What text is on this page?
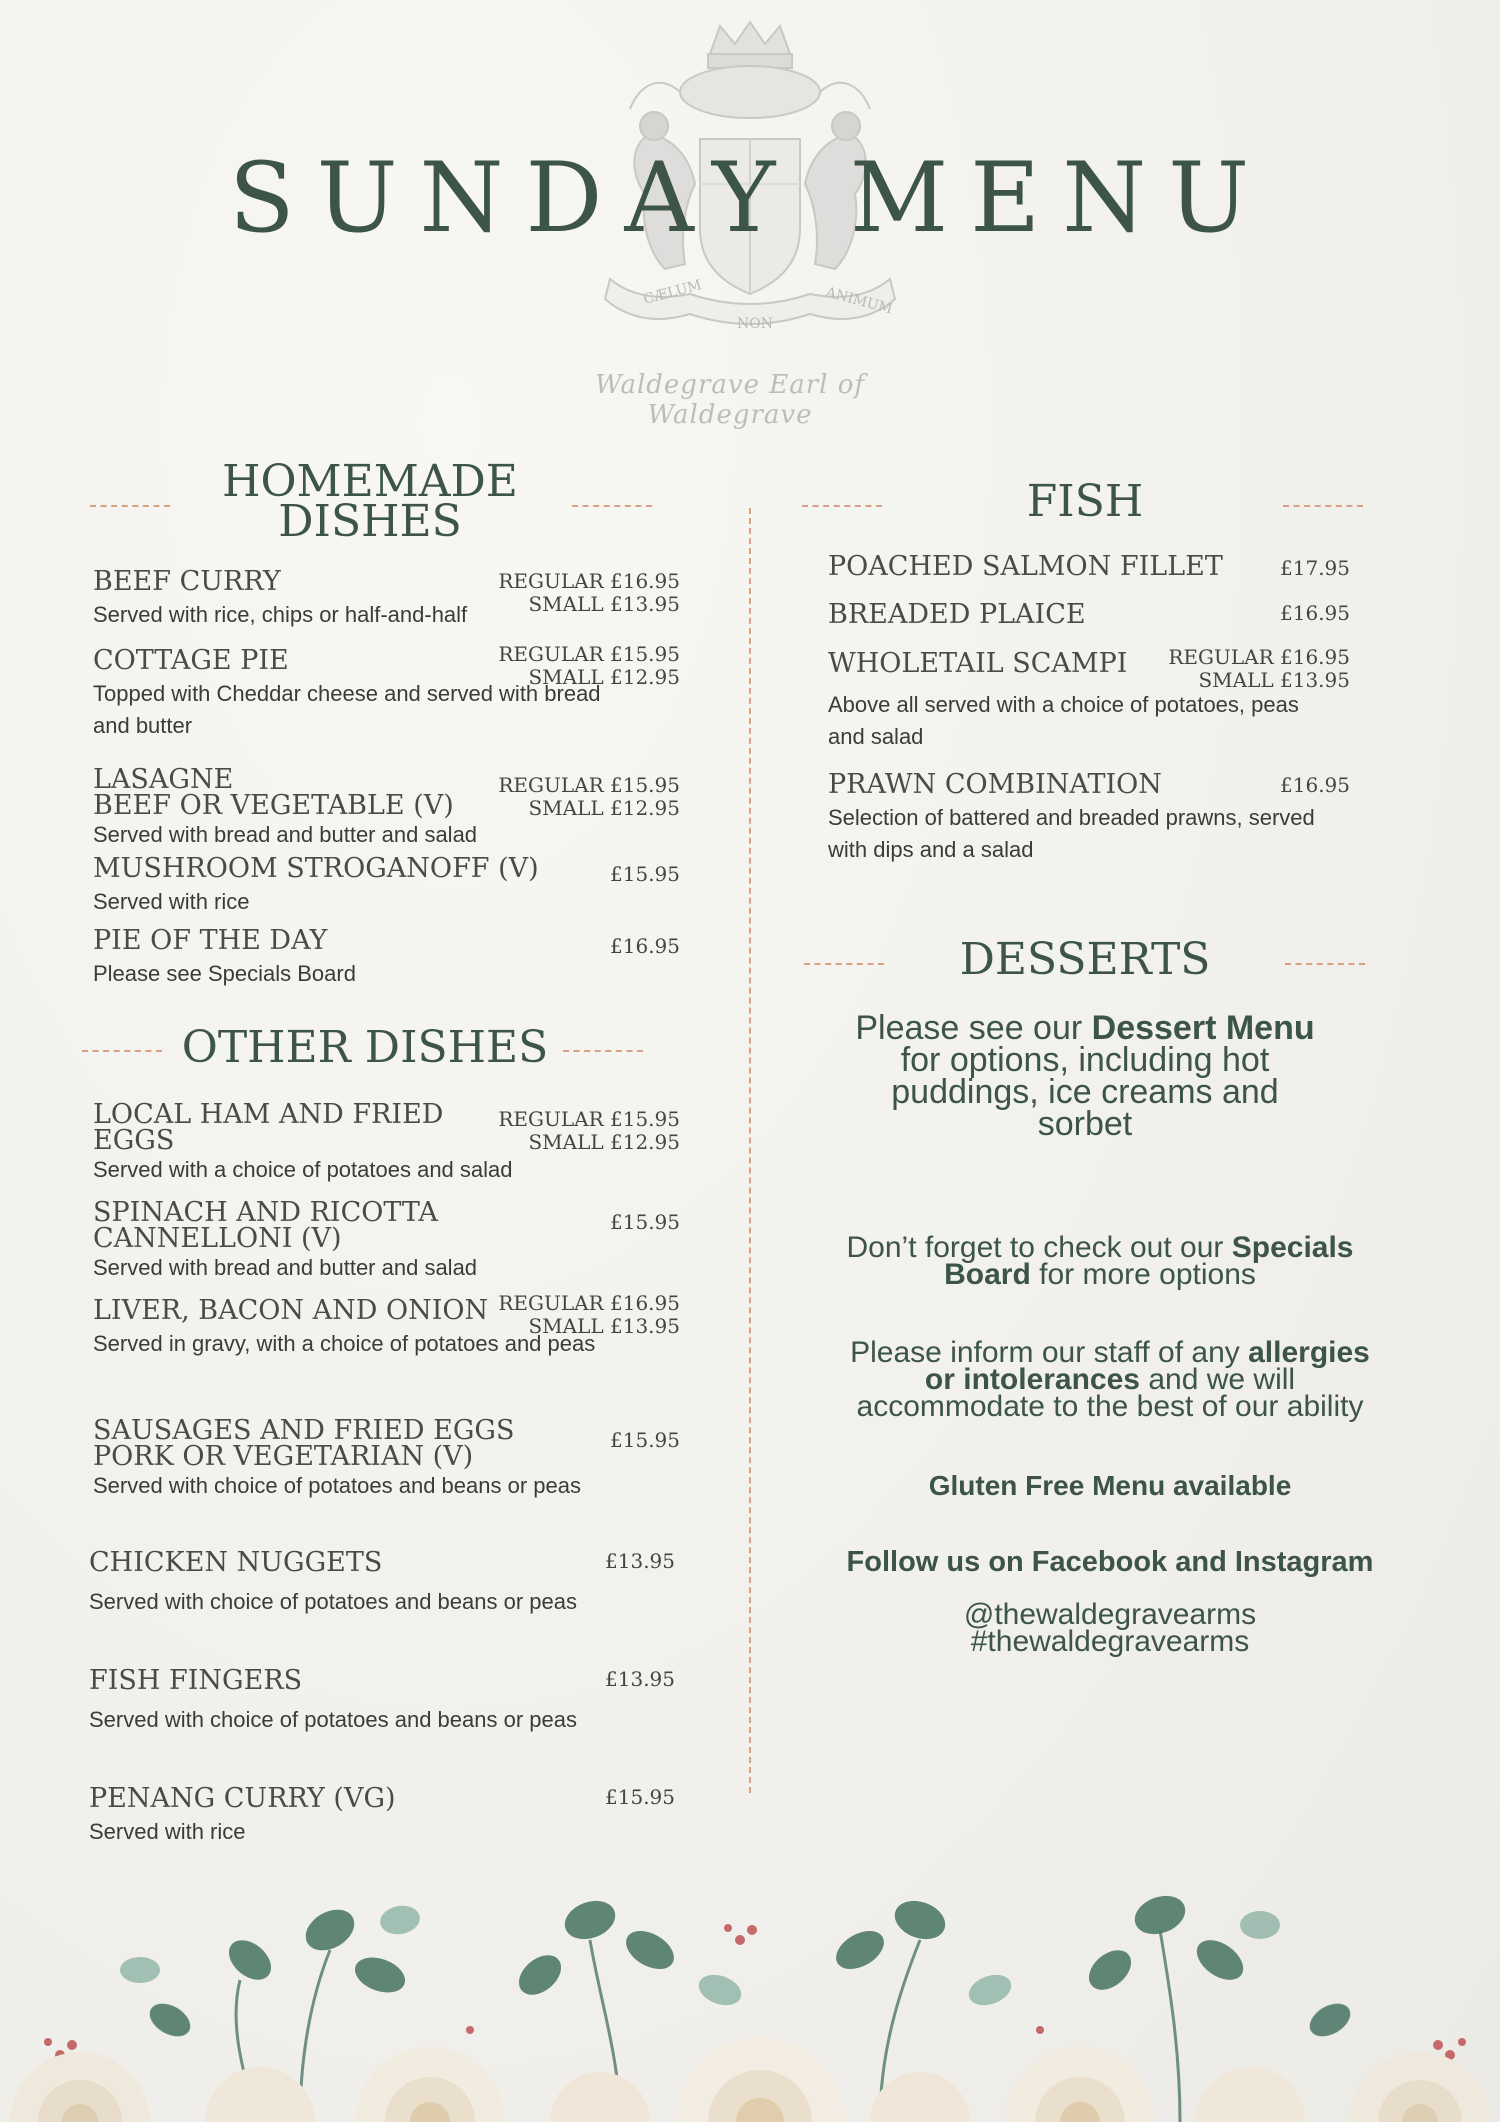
CÆLUM
NON
ANIMUM
SUNDAY MENU
Waldegrave Earl of Waldegrave
HOMEMADE
DISHES
BEEF CURRY
Served with rice, chips or half-and-half
REGULAR £16.95
SMALL £13.95
COTTAGE PIE
Topped with Cheddar cheese and served with bread and butter
REGULAR £15.95
SMALL £12.95
LASAGNE
BEEF OR VEGETABLE (V)
Served with bread and butter and salad
REGULAR £15.95
SMALL £12.95
MUSHROOM STROGANOFF (V)
Served with rice
£15.95
PIE OF THE DAY
Please see Specials Board
£16.95
OTHER DISHES
LOCAL HAM AND FRIED
EGGS
Served with a choice of potatoes and salad
REGULAR £15.95
SMALL £12.95
SPINACH AND RICOTTA
CANNELLONI (V)
Served with bread and butter and salad
£15.95
LIVER, BACON AND ONION
Served in gravy, with a choice of potatoes and peas
REGULAR £16.95
SMALL £13.95
SAUSAGES AND FRIED EGGS
PORK OR VEGETARIAN (V)
Served with choice of potatoes and beans or peas
£15.95
CHICKEN NUGGETS
Served with choice of potatoes and beans or peas
£13.95
FISH FINGERS
Served with choice of potatoes and beans or peas
£13.95
PENANG CURRY (VG)
Served with rice
£15.95
FISH
POACHED SALMON FILLET	£17.95
BREADED PLAICE	£16.95
WHOLETAIL SCAMPI
Above all served with a choice of potatoes, peas and salad
REGULAR £16.95
SMALL £13.95
PRAWN COMBINATION
Selection of battered and breaded prawns, served with dips and a salad
£16.95
DESSERTS
Please see our Dessert Menu
for options, including hot
puddings, ice creams and
sorbet
Don’t forget to check out our Specials
Board for more options
Please inform our staff of any allergies
or intolerances and we will
accommodate to the best of our ability
Gluten Free Menu available
Follow us on Facebook and Instagram
@thewaldegravearms
#thewaldegravearms
